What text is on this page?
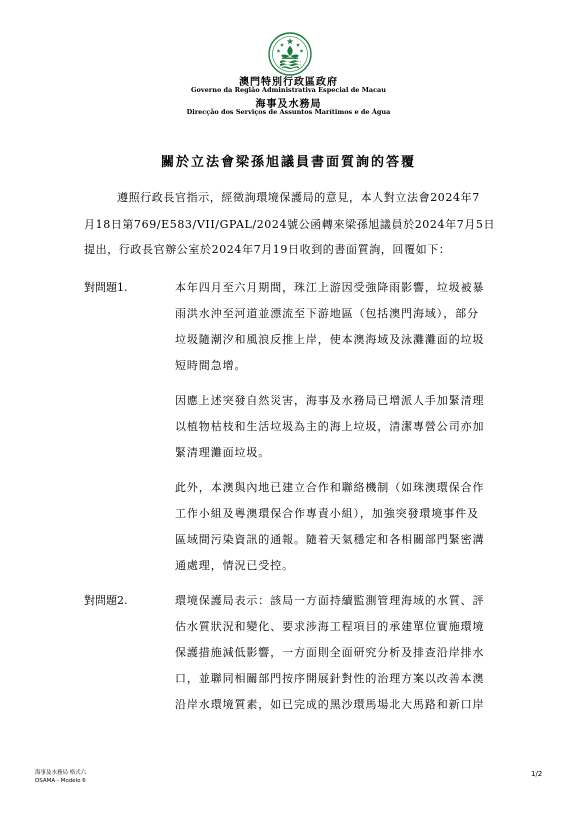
澳門特別行政區政府
Governo da Região Administrativa Especial de Macau
海事及水務局
Direcção dos Serviços de Assuntos Marítimos e de Água
關於立法會梁孫旭議員書面質詢的答覆
遵照行政長官指示，經徵詢環境保護局的意見，本人對立法會2024年7
月18日第769/E583/VII/GPAL/2024號公函轉來梁孫旭議員於2024年7月5日
提出，行政長官辦公室於2024年7月19日收到的書面質詢，回覆如下：
對問題1.	本年四月至六月期間，珠江上游因受強降雨影響，垃圾被暴
雨洪水沖至河道並漂流至下游地區（包括澳門海域），部分
垃圾隨潮汐和風浪反推上岸，使本澳海域及泳灘灘面的垃圾
短時間急增。
因應上述突發自然災害，海事及水務局已增派人手加緊清理
以植物枯枝和生活垃圾為主的海上垃圾，清潔專營公司亦加
緊清理灘面垃圾。
此外，本澳與內地已建立合作和聯絡機制（如珠澳環保合作
工作小組及粵澳環保合作專責小組），加強突發環境事件及
區域間污染資訊的通報。隨着天氣穩定和各相關部門緊密溝
通處理，情況已受控。
對問題2.	環境保護局表示：該局一方面持續監測管理海域的水質、評
估水質狀況和變化、要求涉海工程項目的承建單位實施環境
保護措施減低影響，一方面則全面研究分析及排查沿岸排水
口，並聯同相關部門按序開展針對性的治理方案以改善本澳
沿岸水環境質素，如已完成的黑沙環馬場北大馬路和新口岸
海事及水務局 格式六
DSAMA - Modelo 6
1/2
